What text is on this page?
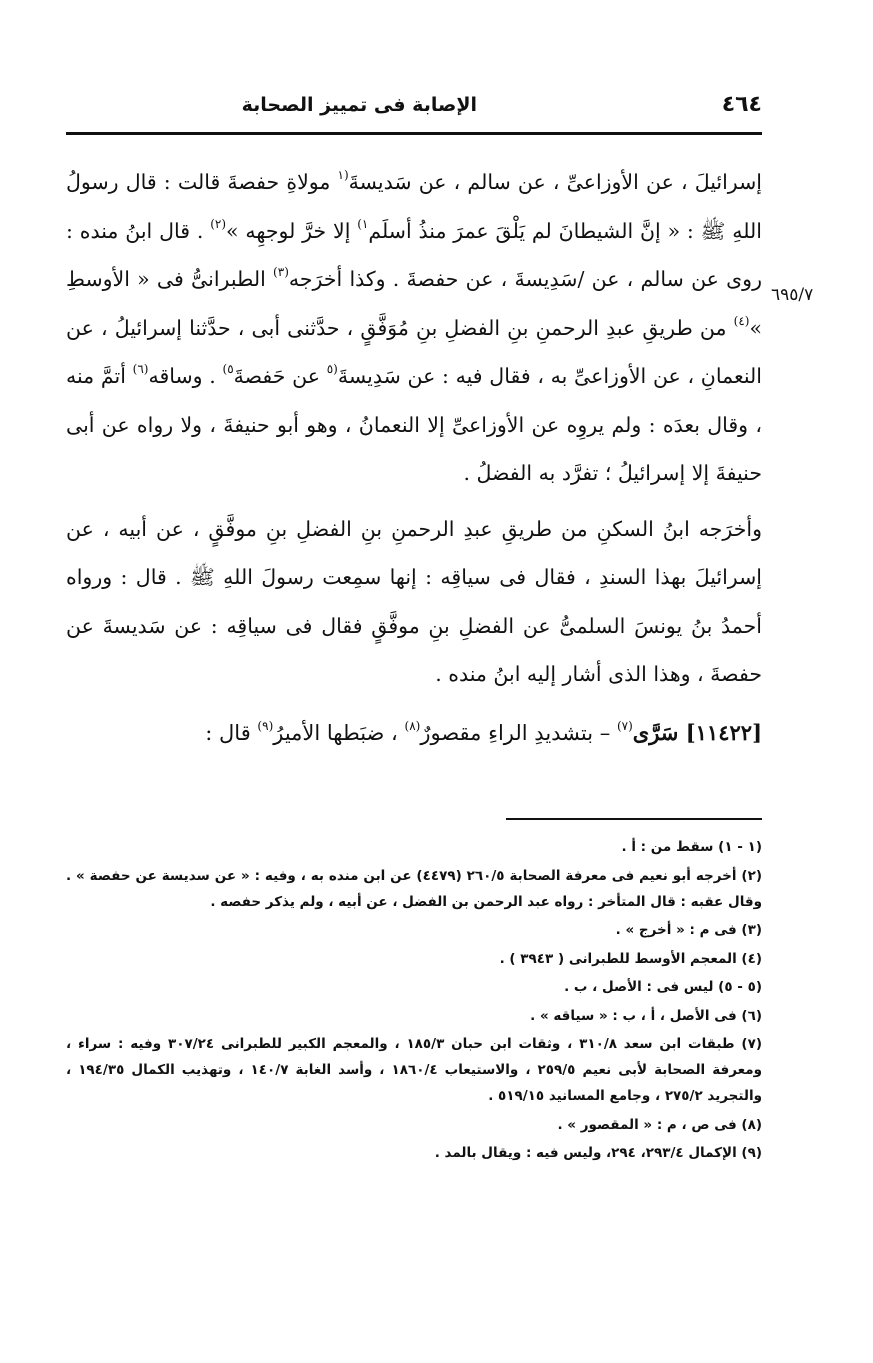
٤٦٤
الإصابة فى تمييز الصحابة
٦٩٥/٧

إسرائيلَ ، عن الأوزاعىِّ ، عن سالم ، عن سَديسةَ$^{(١}$ مولاةِ حفصةَ قالت : قال رسولُ اللهِ ﷺ : « إنَّ الشيطانَ لم يَلْقَ عمرَ منذُ أسلَم$^{١)}$ إلا خرَّ لوجهِه »$^{(٢)}$ . قال ابنُ منده : روى عن سالم ، عن /سَدِيسةَ ، عن حفصةَ . وكذا أخرَجه$^{(٣)}$ الطبرانىُّ فى « الأوسطِ »$^{(٤)}$ من طريقِ عبدِ الرحمنِ بنِ الفضلِ بنِ مُوَفَّقٍ ، حدَّثنى أبى ، حدَّثنا إسرائيلُ ، عن النعمانِ ، عن الأوزاعىِّ به ، فقال فيه : عن سَدِيسةَ$^{(٥}$ عن حَفصةَ$^{٥)}$ . وساقه$^{(٦)}$ أتمَّ منه ، وقال بعدَه : ولم يروِه عن الأوزاعىِّ إلا النعمانُ ، وهو أبو حنيفةَ ، ولا رواه عن أبى حنيفةَ إلا إسرائيلُ ؛ تفرَّد به الفضلُ .

وأخرَجه ابنُ السكنِ من طريقِ عبدِ الرحمنِ بنِ الفضلِ بنِ موفَّقٍ ، عن أبيه ، عن إسرائيلَ بهذا السندِ ، فقال فى سياقِه : إنها سمِعت رسولَ اللهِ ﷺ . قال : ورواه أحمدُ بنُ يونسَ السلمىُّ عن الفضلِ بنِ موفَّقٍ فقال فى سياقِه : عن سَديسةَ عن حفصةَ ، وهذا الذى أشار إليه ابنُ منده .

[١١٤٢٢] سَرَّى$^{(٧)}$ – بتشديدِ الراءِ مقصورٌ$^{(٨)}$ ، ضبَطها الأميرُ$^{(٩)}$ قال :

(١ - ١) سقط من : أ .

(٢) أخرجه أبو نعيم فى معرفة الصحابة ٢٦٠/٥ (٤٤٧٩) عن ابن منده به ، وفيه : « عن سديسة عن حفصة » . وقال عقبه : قال المتأخر : رواه عبد الرحمن بن الفضل ، عن أبيه ، ولم يذكر حفصه .

(٣) فى م : « أخرج » .

(٤) المعجم الأوسط للطبرانى ( ٣٩٤٣ ) .

(٥ - ٥) ليس فى : الأصل ، ب .

(٦) فى الأصل ، أ ، ب : « سياقه » .

(٧) طبقات ابن سعد ٣١٠/٨ ، وثقات ابن حبان ١٨٥/٣ ، والمعجم الكبير للطبرانى ٣٠٧/٢٤ وفيه : سراء ، ومعرفة الصحابة لأبى نعيم ٢٥٩/٥ ، والاستيعاب ١٨٦٠/٤ ، وأسد الغابة ١٤٠/٧ ، وتهذيب الكمال ١٩٤/٣٥ ، والتجريد ٢٧٥/٢ ، وجامع المسانيد ٥١٩/١٥ .

(٨) فى ص ، م : « المقصور » .

(٩) الإكمال ٢٩٣/٤، ٢٩٤، وليس فيه : ويقال بالمد .
